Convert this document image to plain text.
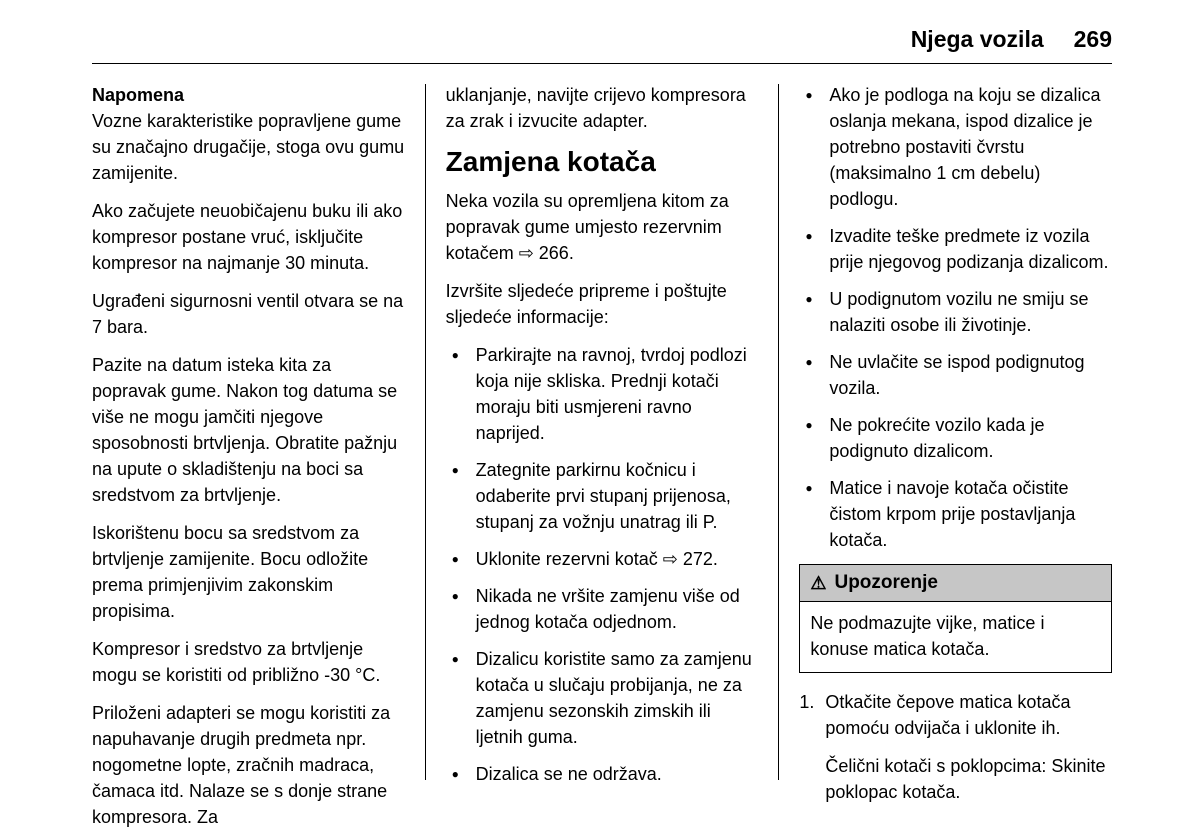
Njega vozila 269

Napomena
Vozne karakteristike popravljene gume su značajno drugačije, stoga ovu gumu zamijenite.

Ako začujete neuobičajenu buku ili ako kompresor postane vruć, isključite kompresor na najmanje 30 minuta.

Ugrađeni sigurnosni ventil otvara se na 7 bara.

Pazite na datum isteka kita za popravak gume. Nakon tog datuma se više ne mogu jamčiti njegove sposobnosti brtvljenja. Obratite pažnju na upute o skladištenju na boci sa sredstvom za brtvljenje.

Iskorištenu bocu sa sredstvom za brtvljenje zamijenite. Bocu odložite prema primjenjivim zakonskim propisima.

Kompresor i sredstvo za brtvljenje mogu se koristiti od približno -30 °C.

Priloženi adapteri se mogu koristiti za napuhavanje drugih predmeta npr. nogometne lopte, zračnih madraca, čamaca itd. Nalaze se s donje strane kompresora. Za

uklanjanje, navijte crijevo kompresora za zrak i izvucite adapter.

Zamjena kotača

Neka vozila su opremljena kitom za popravak gume umjesto rezervnim kotačem ⇨ 266.

Izvršite sljedeće pripreme i poštujte sljedeće informacije:

● Parkirajte na ravnoj, tvrdoj podlozi koja nije skliska. Prednji kotači moraju biti usmjereni ravno naprijed.
● Zategnite parkirnu kočnicu i odaberite prvi stupanj prijenosa, stupanj za vožnju unatrag ili P.
● Uklonite rezervni kotač ⇨ 272.
● Nikada ne vršite zamjenu više od jednog kotača odjednom.
● Dizalicu koristite samo za zamjenu kotača u slučaju probijanja, ne za zamjenu sezonskih zimskih ili ljetnih guma.
● Dizalica se ne održava.
● Ako je podloga na koju se dizalica oslanja mekana, ispod dizalice je potrebno postaviti čvrstu (maksimalno 1 cm debelu) podlogu.
● Izvadite teške predmete iz vozila prije njegovog podizanja dizalicom.
● U podignutom vozilu ne smiju se nalaziti osobe ili životinje.
● Ne uvlačite se ispod podignutog vozila.
● Ne pokrećite vozilo kada je podignuto dizalicom.
● Matice i navoje kotača očistite čistom krpom prije postavljanja kotača.
⚠ Upozorenje
Ne podmazujte vijke, matice i konuse matica kotača.
1. Otkačite čepove matica kotača pomoću odvijača i uklonite ih.

Čelični kotači s poklopcima: Skinite poklopac kotača.
